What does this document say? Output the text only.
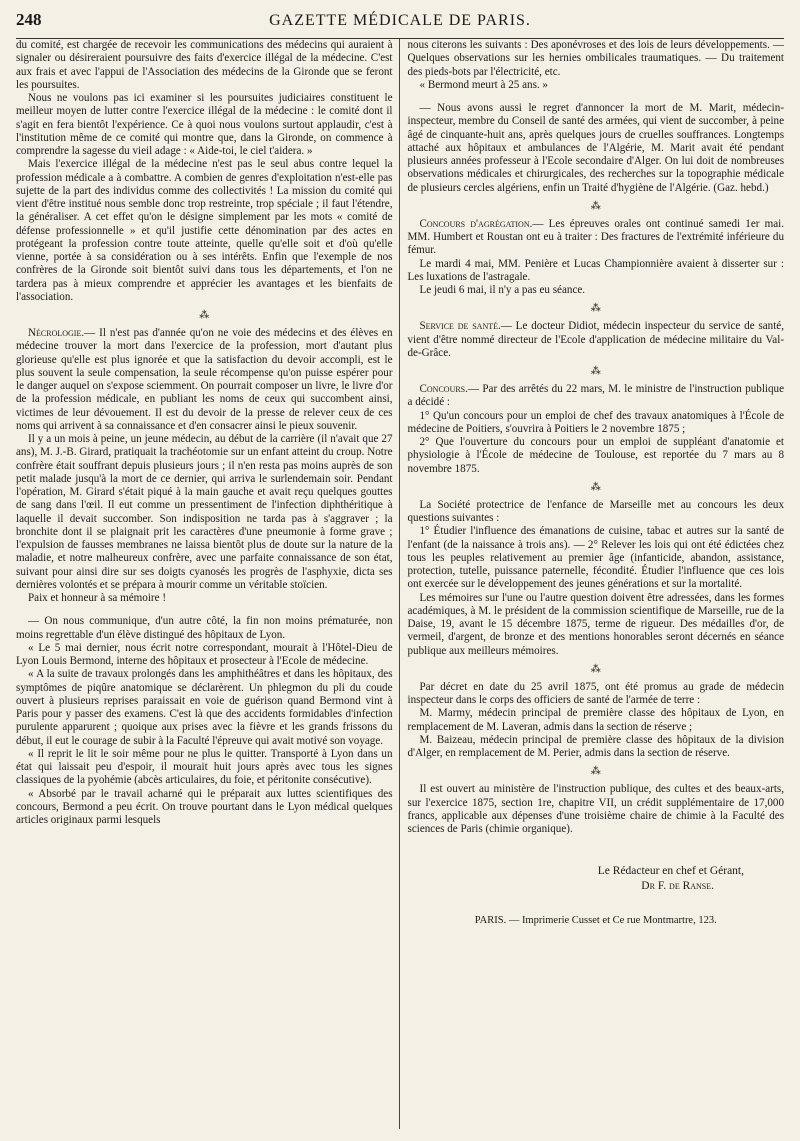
248	GAZETTE MÉDICALE DE PARIS.

du comité, est chargée de recevoir les communications des médecins qui auraient à signaler ou désireraient poursuivre des faits d'exercice illégal de la médecine. C'est aux frais et avec l'appui de l'Association des médecins de la Gironde que se feront les poursuites.

Nous ne voulons pas ici examiner si les poursuites judiciaires constituent le meilleur moyen de lutter contre l'exercice illégal de la médecine : le comité dont il s'agit en fera bientôt l'expérience. Ce à quoi nous voulons surtout applaudir, c'est à l'institution même de ce comité qui montre que, dans la Gironde, on commence à comprendre la sagesse du vieil adage : « Aide-toi, le ciel t'aidera. »

Mais l'exercice illégal de la médecine n'est pas le seul abus contre lequel la profession médicale a à combattre. A combien de genres d'exploitation n'est-elle pas sujette de la part des individus comme des collectivités ! La mission du comité qui vient d'être institué nous semble donc trop restreinte, trop spéciale ; il faut l'étendre, la généraliser. A cet effet qu'on le désigne simplement par les mots « comité de défense professionnelle » et qu'il justifie cette dénomination par des actes en protégeant la profession contre toute atteinte, quelle qu'elle soit et d'où qu'elle vienne, portée à sa considération ou à ses intérêts. Enfin que l'exemple de nos confrères de la Gironde soit bientôt suivi dans tous les départements, et l'on ne tardera pas à mieux comprendre et apprécier les avantages et les bienfaits de l'association.

⁂

Nécrologie.— Il n'est pas d'année qu'on ne voie des médecins et des élèves en médecine trouver la mort dans l'exercice de la profession, mort d'autant plus glorieuse qu'elle est plus ignorée et que la satisfaction du devoir accompli, est le plus souvent la seule compensation, la seule récompense qu'on puisse espérer pour le danger auquel on s'expose sciemment. On pourrait composer un livre, le livre d'or de la profession médicale, en publiant les noms de ceux qui succombent ainsi, victimes de leur dévouement. Il est du devoir de la presse de relever ceux de ces noms qui arrivent à sa connaissance et d'en consacrer ainsi le pieux souvenir.

Il y a un mois à peine, un jeune médecin, au début de la carrière (il n'avait que 27 ans), M. J.-B. Girard, pratiquait la trachéotomie sur un enfant atteint du croup. Notre confrère était souffrant depuis plusieurs jours ; il n'en resta pas moins auprès de son petit malade jusqu'à la mort de ce dernier, qui arriva le surlendemain soir. Pendant l'opération, M. Girard s'était piqué à la main gauche et avait reçu quelques gouttes de sang dans l'œil. Il eut comme un pressentiment de l'infection diphthéritique à laquelle il devait succomber. Son indisposition ne tarda pas à s'aggraver ; la bronchite dont il se plaignait prit les caractères d'une pneumonie à forme grave ; l'expulsion de fausses membranes ne laissa bientôt plus de doute sur la nature de la maladie, et notre malheureux confrère, avec une parfaite connaissance de son état, suivant pour ainsi dire sur ses doigts cyanosés les progrès de l'asphyxie, dicta ses dernières volontés et se prépara à mourir comme un véritable stoïcien.

Paix et honneur à sa mémoire !

— On nous communique, d'un autre côté, la fin non moins prématurée, non moins regrettable d'un élève distingué des hôpitaux de Lyon.

« Le 5 mai dernier, nous écrit notre correspondant, mourait à l'Hôtel-Dieu de Lyon Louis Bermond, interne des hôpitaux et prosecteur à l'Ecole de médecine.

« A la suite de travaux prolongés dans les amphithéâtres et dans les hôpitaux, des symptômes de piqûre anatomique se déclarèrent. Un phlegmon du pli du coude ouvert à plusieurs reprises paraissait en voie de guérison quand Bermond vint à Paris pour y passer des examens. C'est là que des accidents formidables d'infection purulente apparurent ; quoique aux prises avec la fièvre et les grands frissons du début, il eut le courage de subir à la Faculté l'épreuve qui avait motivé son voyage.

« Il reprit le lit le soir même pour ne plus le quitter. Transporté à Lyon dans un état qui laissait peu d'espoir, il mourait huit jours après avec tous les signes classiques de la pyohémie (abcès articulaires, du foie, et péritonite consécutive).

« Absorbé par le travail acharné qui le préparait aux luttes scientifiques des concours, Bermond a peu écrit. On trouve pourtant dans le Lyon médical quelques articles originaux parmi lesquels

nous citerons les suivants : Des aponévroses et des lois de leurs développements. — Quelques observations sur les hernies ombilicales traumatiques. — Du traitement des pieds-bots par l'électricité, etc.

« Bermond meurt à 25 ans. »

— Nous avons aussi le regret d'annoncer la mort de M. Marit, médecin-inspecteur, membre du Conseil de santé des armées, qui vient de succomber, à peine âgé de cinquante-huit ans, après quelques jours de cruelles souffrances. Longtemps attaché aux hôpitaux et ambulances de l'Algérie, M. Marit avait été pendant plusieurs années professeur à l'Ecole secondaire d'Alger. On lui doit de nombreuses observations médicales et chirurgicales, des recherches sur la topographie médicale de plusieurs cercles algériens, enfin un Traité d'hygiène de l'Algérie. (Gaz. hebd.)

⁂

Concours d'agrégation.— Les épreuves orales ont continué samedi 1er mai. MM. Humbert et Roustan ont eu à traiter : Des fractures de l'extrémité inférieure du fémur.

Le mardi 4 mai, MM. Penière et Lucas Championnière avaient à disserter sur : Les luxations de l'astragale.

Le jeudi 6 mai, il n'y a pas eu séance.

⁂

Service de santé.— Le docteur Didiot, médecin inspecteur du service de santé, vient d'être nommé directeur de l'Ecole d'application de médecine militaire du Val-de-Grâce.

⁂

Concours.— Par des arrêtés du 22 mars, M. le ministre de l'instruction publique a décidé :

1° Qu'un concours pour un emploi de chef des travaux anatomiques à l'École de médecine de Poitiers, s'ouvrira à Poitiers le 2 novembre 1875 ;

2° Que l'ouverture du concours pour un emploi de suppléant d'anatomie et physiologie à l'École de médecine de Toulouse, est reportée du 7 mars au 8 novembre 1875.

⁂

La Société protectrice de l'enfance de Marseille met au concours les deux questions suivantes :

1° Étudier l'influence des émanations de cuisine, tabac et autres sur la santé de l'enfant (de la naissance à trois ans). — 2° Relever les lois qui ont été édictées chez tous les peuples relativement au premier âge (infanticide, abandon, assistance, protection, tutelle, puissance paternelle, fécondité. Étudier l'influence que ces lois ont exercée sur le développement des jeunes générations et sur la mortalité.

Les mémoires sur l'une ou l'autre question doivent être adressées, dans les formes académiques, à M. le président de la commission scientifique de Marseille, rue de la Daise, 19, avant le 15 décembre 1875, terme de rigueur. Des médailles d'or, de vermeil, d'argent, de bronze et des mentions honorables seront décernés en séance publique aux meilleurs mémoires.

⁂

Par décret en date du 25 avril 1875, ont été promus au grade de médecin inspecteur dans le corps des officiers de santé de l'armée de terre :

M. Marmy, médecin principal de première classe des hôpitaux de Lyon, en remplacement de M. Laveran, admis dans la section de réserve ;

M. Baizeau, médecin principal de première classe des hôpitaux de la division d'Alger, en remplacement de M. Perier, admis dans la section de réserve.

⁂

Il est ouvert au ministère de l'instruction publique, des cultes et des beaux-arts, sur l'exercice 1875, section 1re, chapitre VII, un crédit supplémentaire de 17,000 francs, applicable aux dépenses d'une troisième chaire de chimie à la Faculté des sciences de Paris (chimie organique).

Le Rédacteur en chef et Gérant,
Dr F. de Ranse.
PARIS. — Imprimerie Cusset et Ce rue Montmartre, 123.
